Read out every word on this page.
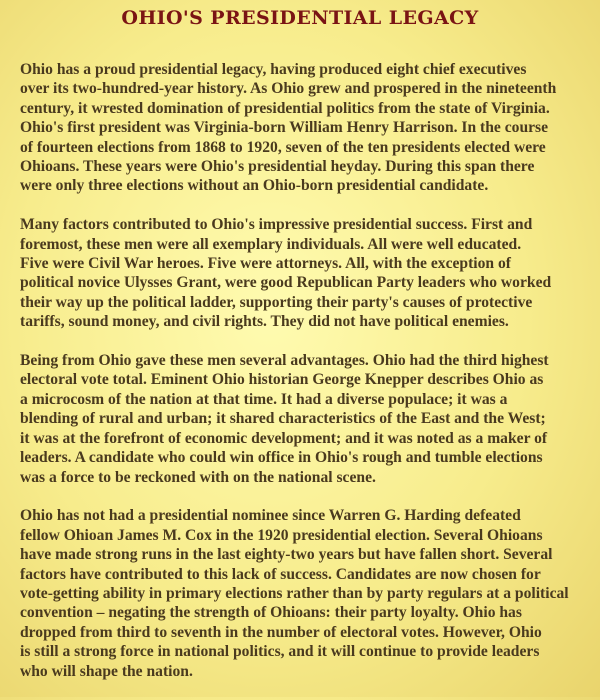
OHIO'S PRESIDENTIAL LEGACY

Ohio has a proud presidential legacy, having produced eight chief executives
over its two-hundred-year history. As Ohio grew and prospered in the nineteenth
century, it wrested domination of presidential politics from the state of Virginia.
Ohio's first president was Virginia-born William Henry Harrison. In the course
of fourteen elections from 1868 to 1920, seven of the ten presidents elected were
Ohioans. These years were Ohio's presidential heyday. During this span there
were only three elections without an Ohio-born presidential candidate.

Many factors contributed to Ohio's impressive presidential success. First and
foremost, these men were all exemplary individuals. All were well educated.
Five were Civil War heroes. Five were attorneys. All, with the exception of
political novice Ulysses Grant, were good Republican Party leaders who worked
their way up the political ladder, supporting their party's causes of protective
tariffs, sound money, and civil rights. They did not have political enemies.

Being from Ohio gave these men several advantages. Ohio had the third highest
electoral vote total. Eminent Ohio historian George Knepper describes Ohio as
a microcosm of the nation at that time. It had a diverse populace; it was a
blending of rural and urban; it shared characteristics of the East and the West;
it was at the forefront of economic development; and it was noted as a maker of
leaders. A candidate who could win office in Ohio's rough and tumble elections
was a force to be reckoned with on the national scene.

Ohio has not had a presidential nominee since Warren G. Harding defeated
fellow Ohioan James M. Cox in the 1920 presidential election. Several Ohioans
have made strong runs in the last eighty-two years but have fallen short. Several
factors have contributed to this lack of success. Candidates are now chosen for
vote-getting ability in primary elections rather than by party regulars at a political
convention – negating the strength of Ohioans: their party loyalty. Ohio has
dropped from third to seventh in the number of electoral votes. However, Ohio
is still a strong force in national politics, and it will continue to provide leaders
who will shape the nation.
